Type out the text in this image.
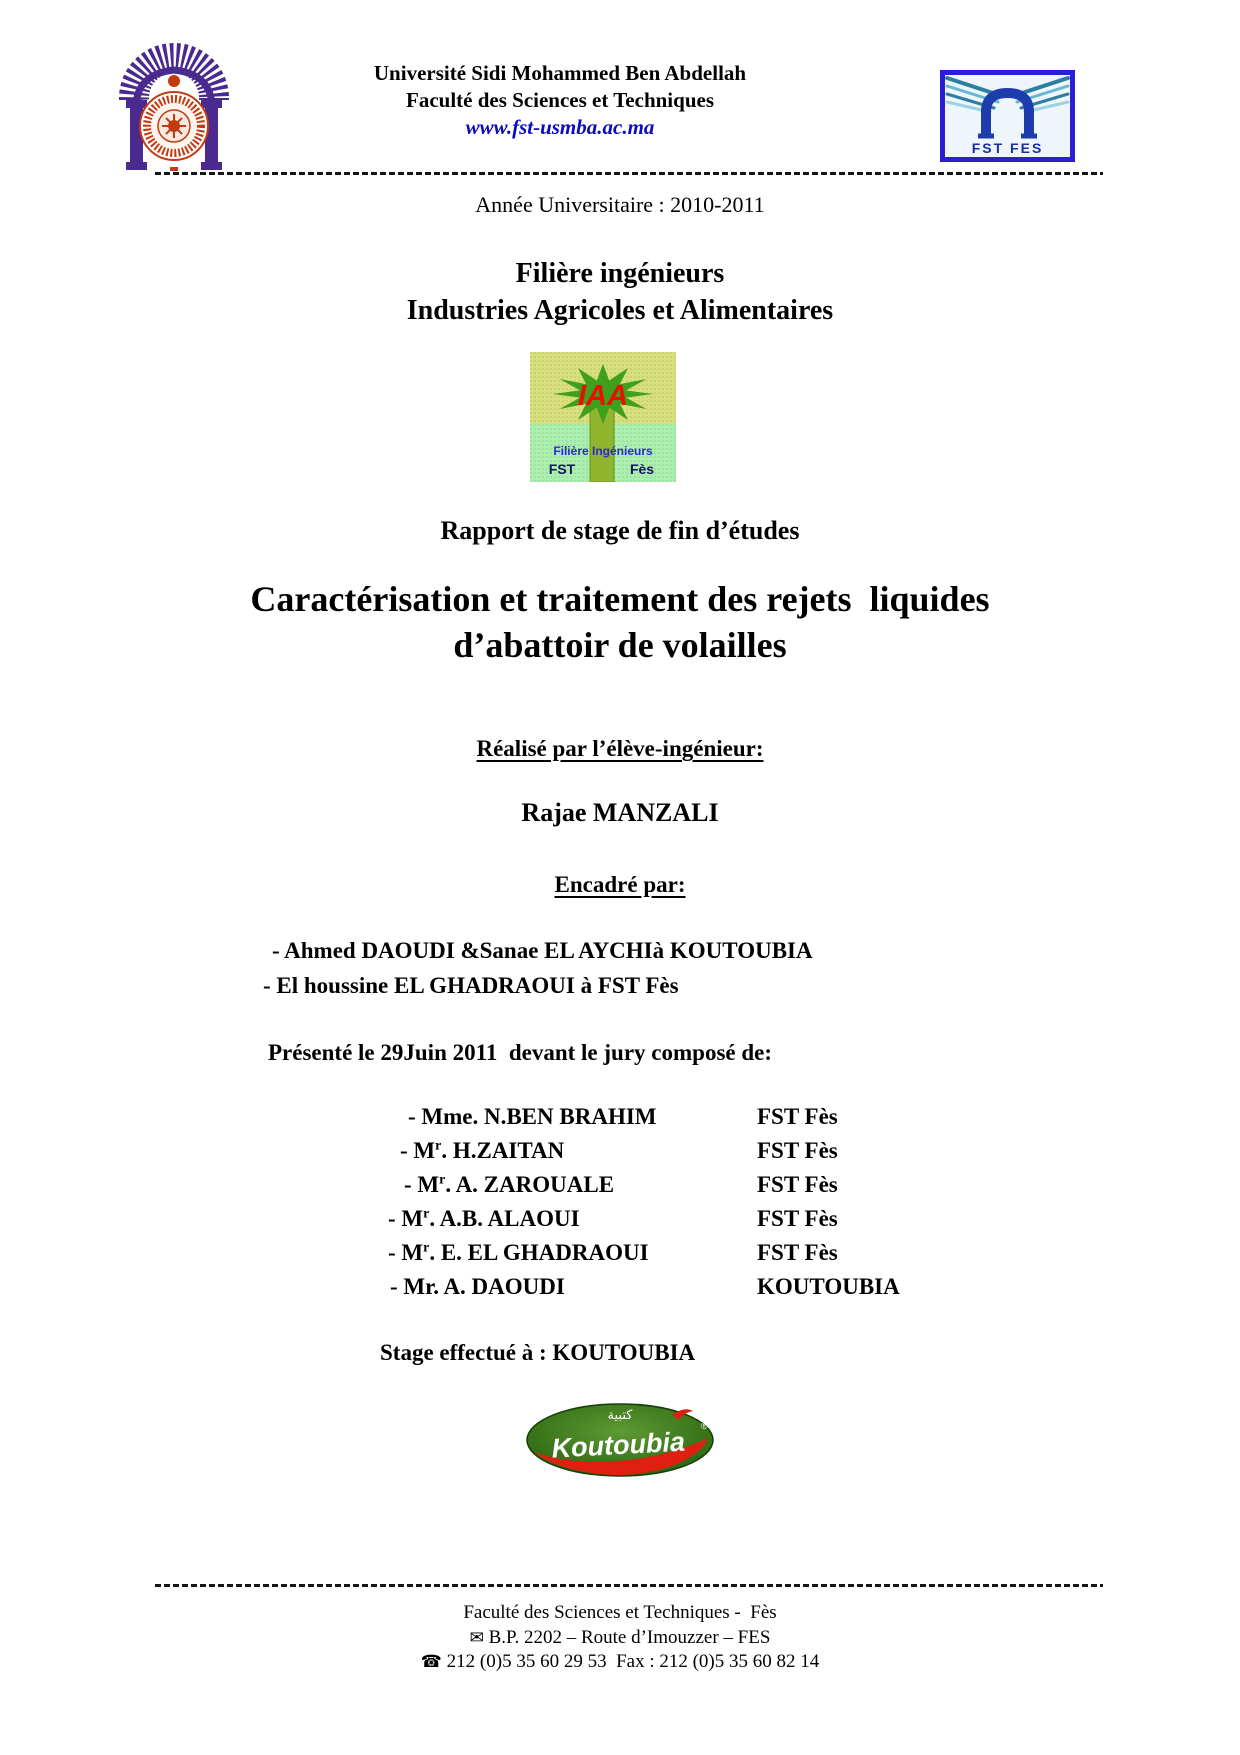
Université Sidi Mohammed Ben Abdellah
Faculté des Sciences et Techniques
www.fst-usmba.ac.ma
FST FES
Année Universitaire : 2010-2011
Filière ingénieurs
Industries Agricoles et Alimentaires
IAA
Filière Ingénieurs
FST	Fès
Rapport de stage de fin d’études
Caractérisation et traitement des rejets  liquides
d’abattoir de volailles
Réalisé par l’élève-ingénieur:
Rajae MANZALI
Encadré par:
- Ahmed DAOUDI &Sanae EL AYCHIà KOUTOUBIA
- El houssine EL GHADRAOUI à FST Fès
Présenté le 29Juin 2011  devant le jury composé de:
- Mme. N.BEN BRAHIM	FST Fès
- $M^r$. H.ZAITAN	FST Fès
- $M^r$. A. ZAROUALE	FST Fès
- $M^r$. A.B. ALAOUI	FST Fès
- $M^r$. E. EL GHADRAOUI	FST Fès
- Mr. A. DAOUDI	KOUTOUBIA
Stage effectué à : KOUTOUBIA
كتبية
Koutoubia
®
Faculté des Sciences et Techniques -  Fès
✉ B.P. 2202 – Route d’Imouzzer – FES
☎ 212 (0)5 35 60 29 53  Fax : 212 (0)5 35 60 82 14
